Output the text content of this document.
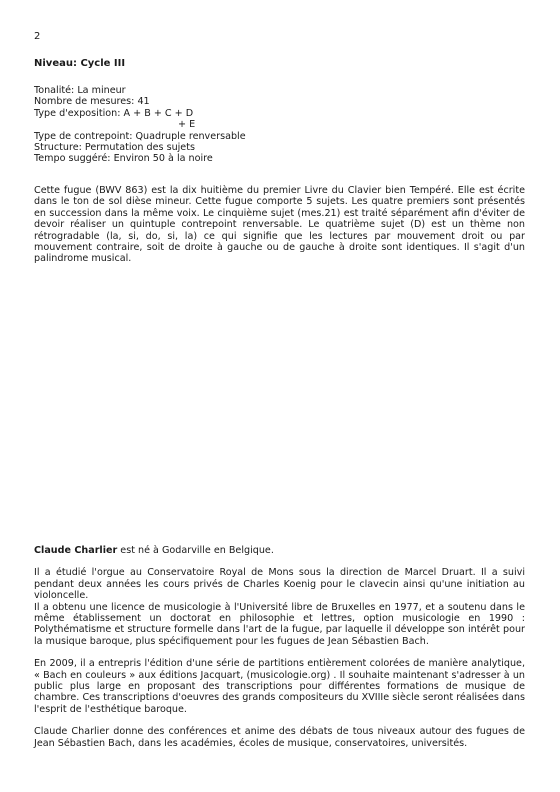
2
Niveau: Cycle III
Tonalité: La mineur
Nombre de mesures: 41
Type d'exposition: A + B + C + D
+ E
Type de contrepoint: Quadruple renversable
Structure: Permutation des sujets
Tempo suggéré: Environ 50 à la noire
Cette fugue (BWV 863) est la dix huitième du premier Livre du Clavier bien Tempéré. Elle est écrite dans le ton de sol dièse mineur. Cette fugue comporte 5 sujets. Les quatre premiers sont présentés en succession dans la même voix. Le cinquième sujet (mes.21) est traité séparément afin d'éviter de devoir réaliser un quintuple contrepoint renversable. Le quatrième sujet (D) est un thème non rétrogradable (la, si, do, si, la) ce qui signifie que les lectures par mouvement droit ou par mouvement contraire, soit de droite à gauche ou de gauche à droite sont identiques. Il s'agit d'un palindrome musical.

Claude Charlier est né à Godarville en Belgique.

Il a étudié l'orgue au Conservatoire Royal de Mons sous la direction de Marcel Druart. Il a suivi pendant deux années les cours privés de Charles Koenig pour le clavecin ainsi qu'une initiation au violoncelle.

Il a obtenu une licence de musicologie à l'Université libre de Bruxelles en 1977, et a soutenu dans le même établissement un doctorat en philosophie et lettres, option musicologie en 1990 : Polythématisme et structure formelle dans l'art de la fugue, par laquelle il développe son intérêt pour la musique baroque, plus spécifiquement pour les fugues de Jean Sébastien Bach.

En 2009, il a entrepris l'édition d'une série de partitions entièrement colorées de manière analytique, « Bach en couleurs » aux éditions Jacquart, (musicologie.org) . Il souhaite maintenant s'adresser à un public plus large en proposant des transcriptions pour différentes formations de musique de chambre. Ces transcriptions d'oeuvres des grands compositeurs du XVIIIe siècle seront réalisées dans l'esprit de l'esthétique baroque.

Claude Charlier donne des conférences et anime des débats de tous niveaux autour des fugues de Jean Sébastien Bach, dans les académies, écoles de musique, conservatoires, universités.
